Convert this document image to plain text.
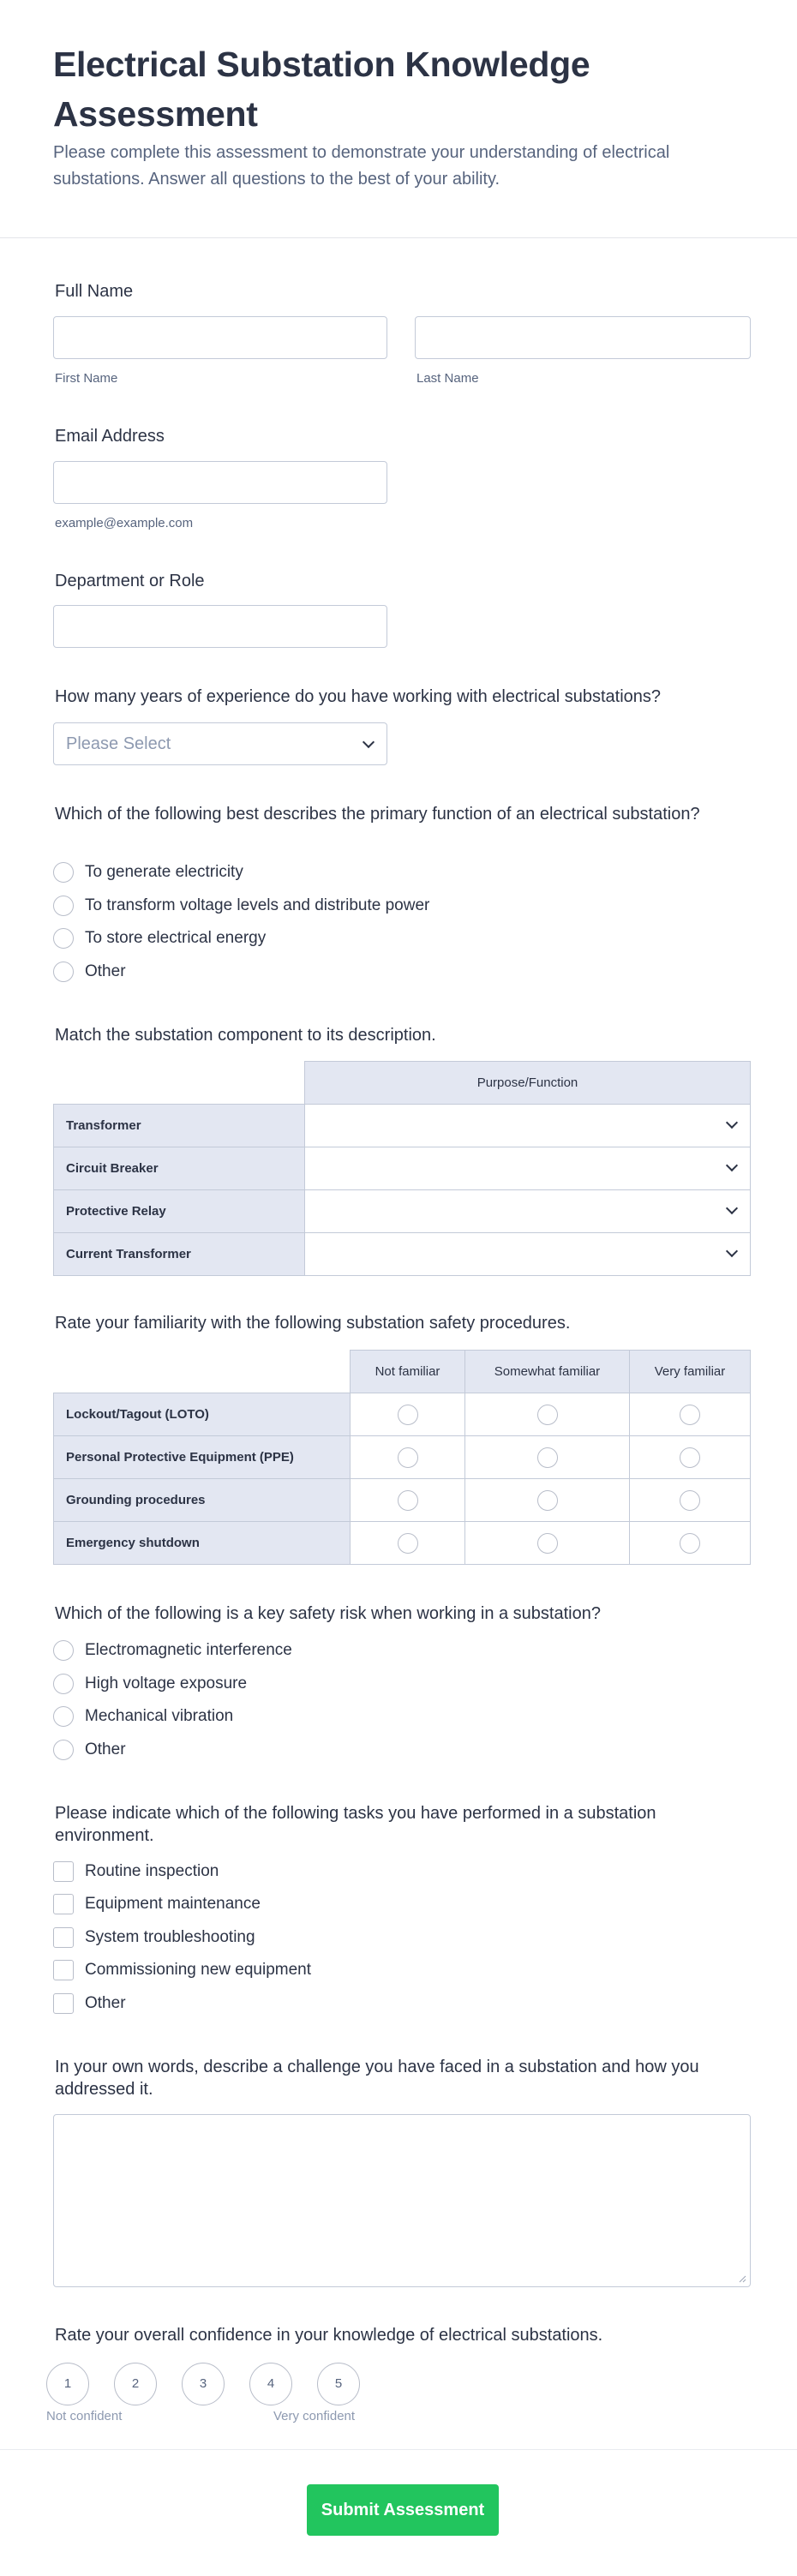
Electrical Substation Knowledge Assessment
Please complete this assessment to demonstrate your understanding of electrical substations. Answer all questions to the best of your ability.
Full Name
First Name	Last Name
Email Address
example@example.com
Department or Role
How many years of experience do you have working with electrical substations?
Please Select
Which of the following best describes the primary function of an electrical substation?
To generate electricity
To transform voltage levels and distribute power
To store electrical energy
Other
Match the substation component to its description.
	Purpose/Function
Transformer	

Circuit Breaker	

Protective Relay	

Current Transformer	
Rate your familiarity with the following substation safety procedures.
	Not familiar	Somewhat familiar	Very familiar
Lockout/Tagout (LOTO)	

Personal Protective Equipment (PPE)	

Grounding procedures	

Emergency shutdown	

Which of the following is a key safety risk when working in a substation?
Electromagnetic interference
High voltage exposure
Mechanical vibration
Other
Please indicate which of the following tasks you have performed in a substation environment.
Routine inspection
Equipment maintenance
System troubleshooting
Commissioning new equipment
Other
In your own words, describe a challenge you have faced in a substation and how you addressed it.
Rate your overall confidence in your knowledge of electrical substations.
1	2	3	4	5
Not confident	Very confident
Submit Assessment
